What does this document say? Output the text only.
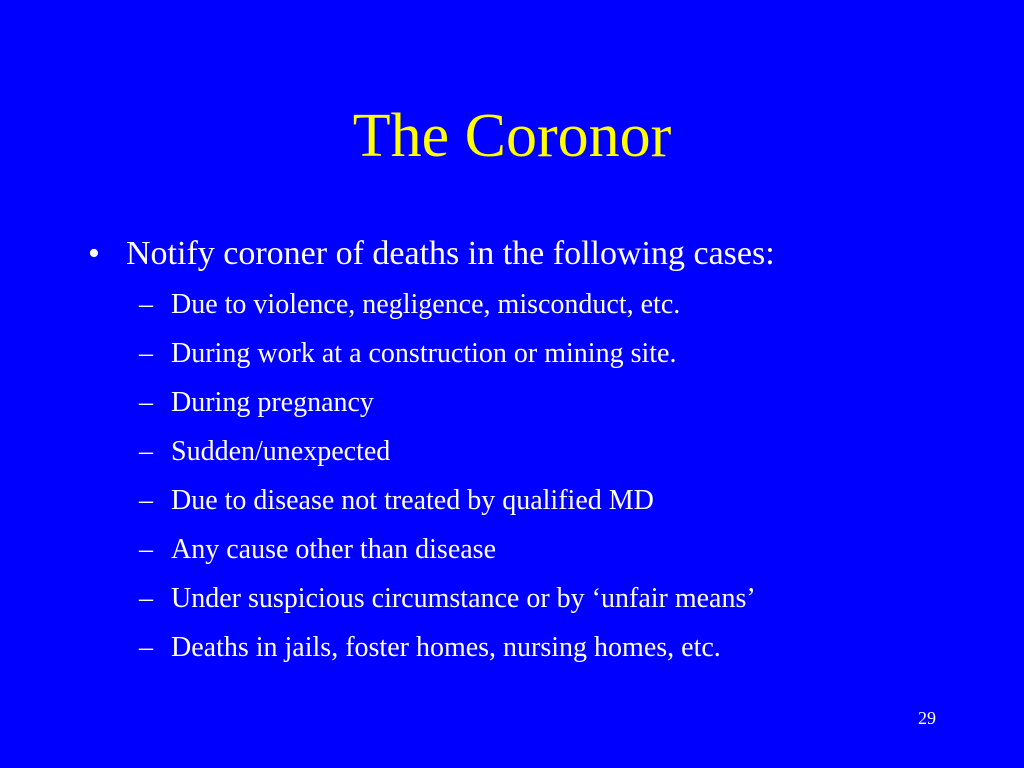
The Coronor
• Notify coroner of deaths in the following cases:
– Due to violence, negligence, misconduct, etc.
– During work at a construction or mining site.
– During pregnancy
– Sudden/unexpected
– Due to disease not treated by qualified MD
– Any cause other than disease
– Under suspicious circumstance or by ‘unfair means’
– Deaths in jails, foster homes, nursing homes, etc.
29
